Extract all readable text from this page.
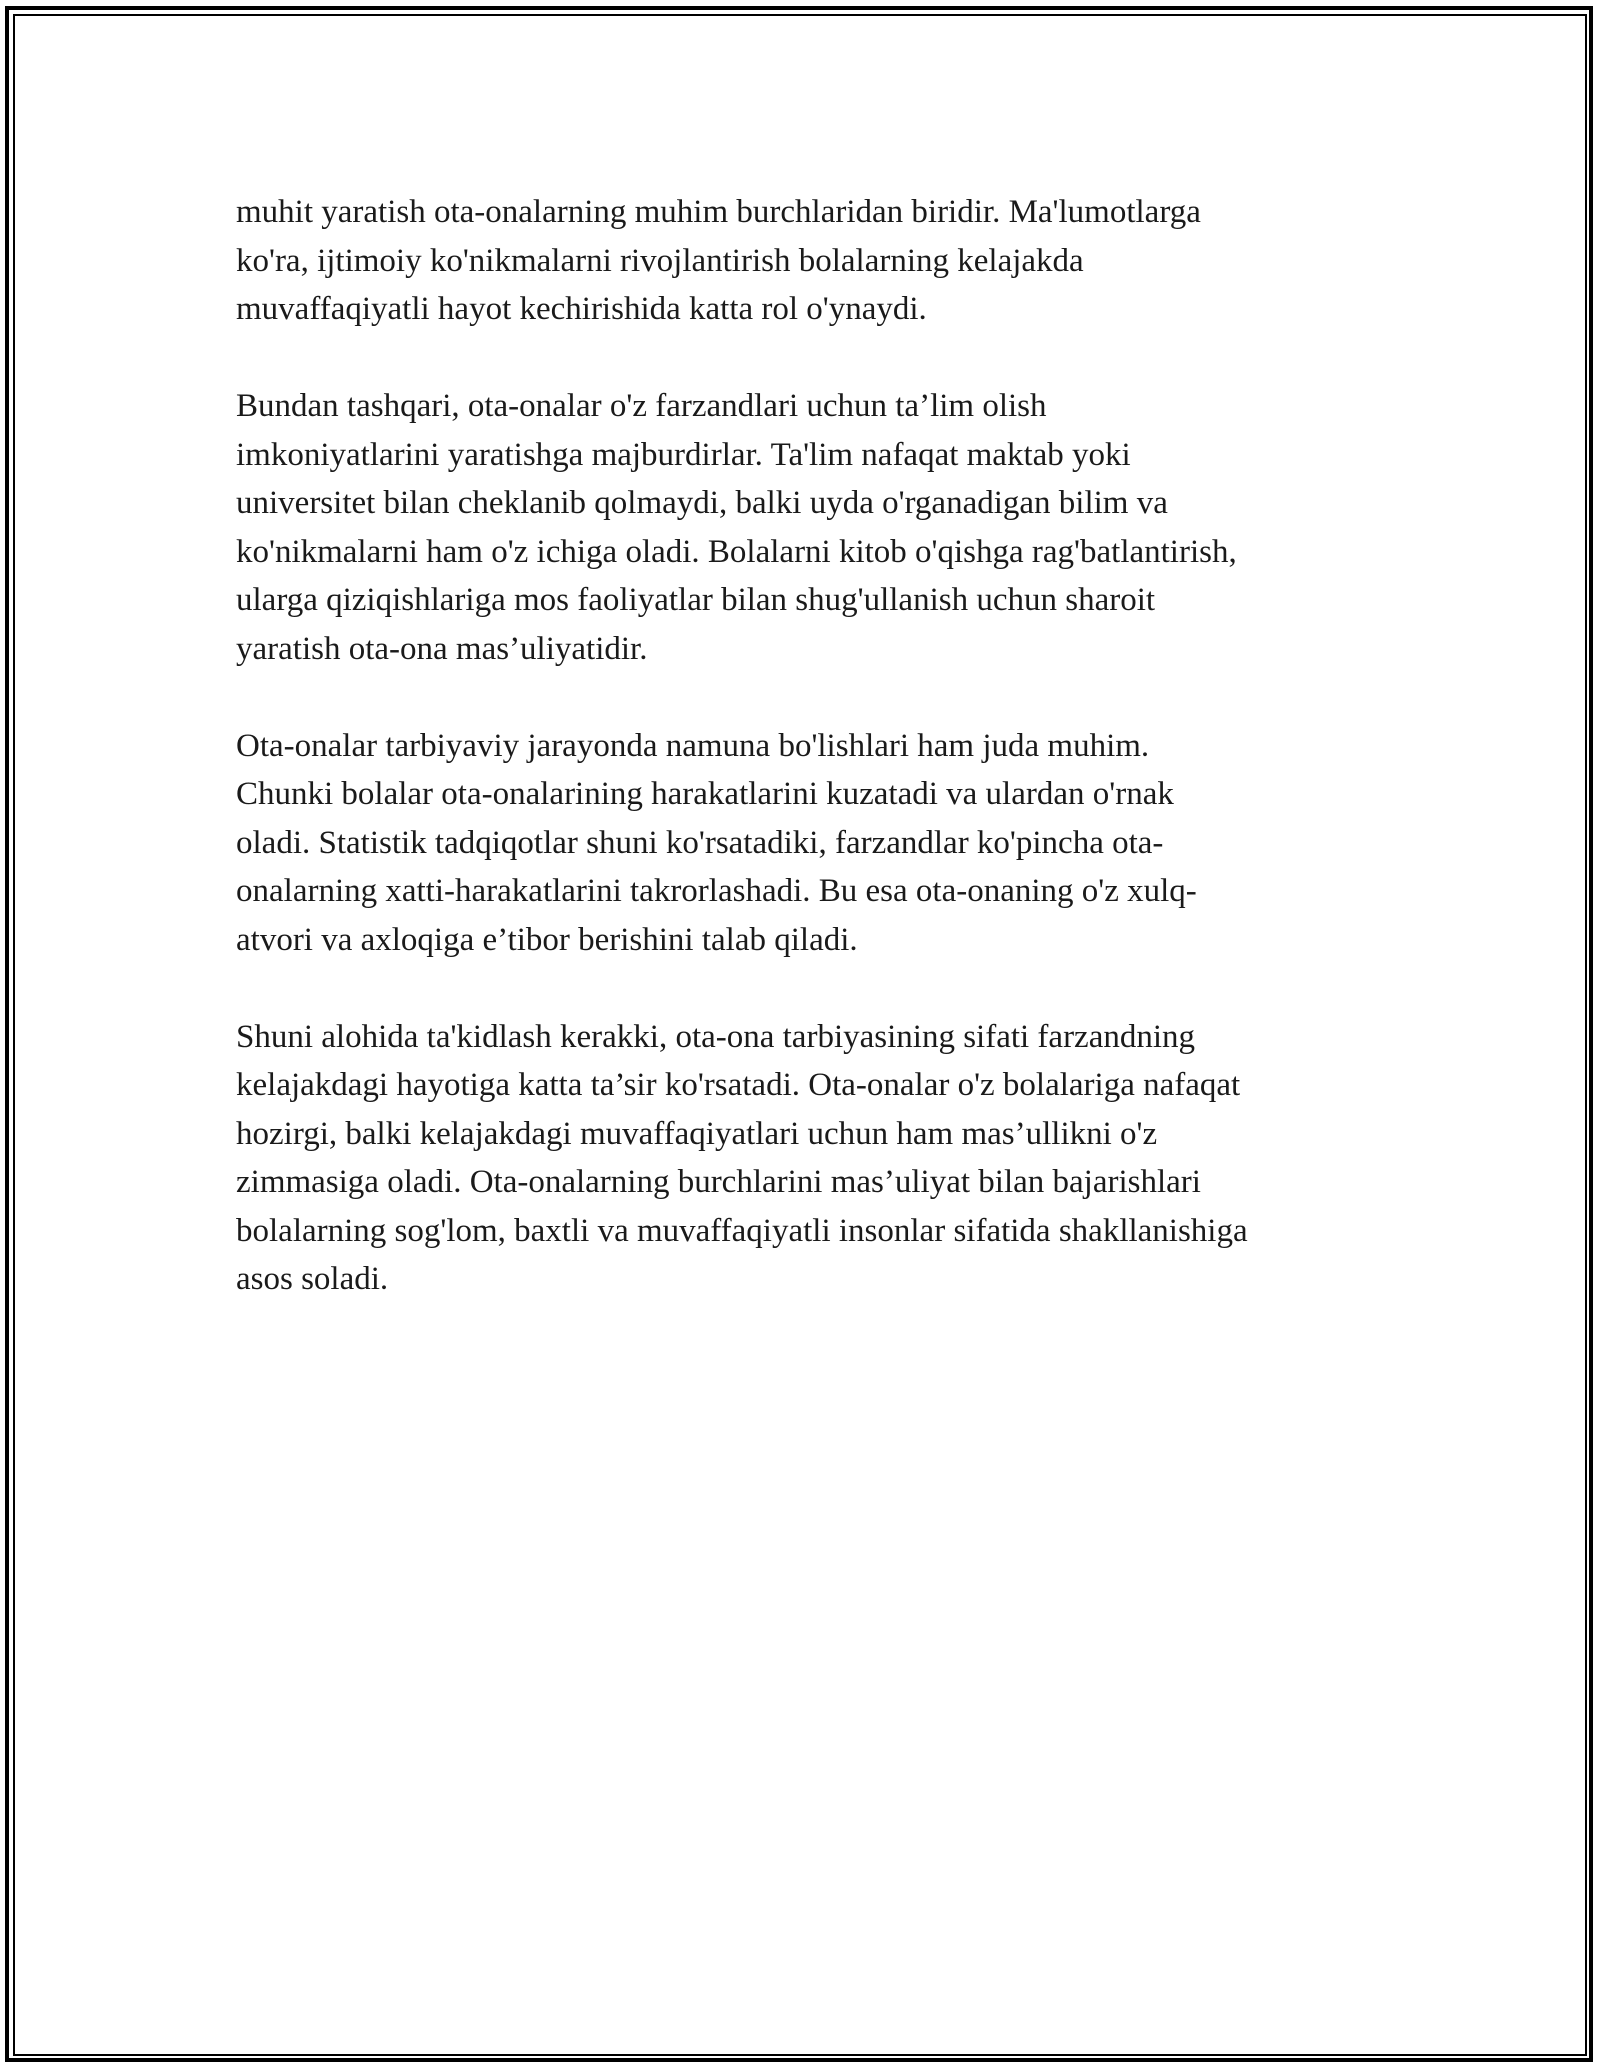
muhit yaratish ota-onalarning muhim burchlaridan biridir. Ma'lumotlarga
ko'ra, ijtimoiy ko'nikmalarni rivojlantirish bolalarning kelajakda
muvaffaqiyatli hayot kechirishida katta rol o'ynaydi.

Bundan tashqari, ota-onalar o'z farzandlari uchun ta’lim olish
imkoniyatlarini yaratishga majburdirlar. Ta'lim nafaqat maktab yoki
universitet bilan cheklanib qolmaydi, balki uyda o'rganadigan bilim va
ko'nikmalarni ham o'z ichiga oladi. Bolalarni kitob o'qishga rag'batlantirish,
ularga qiziqishlariga mos faoliyatlar bilan shug'ullanish uchun sharoit
yaratish ota-ona mas’uliyatidir.

Ota-onalar tarbiyaviy jarayonda namuna bo'lishlari ham juda muhim.
Chunki bolalar ota-onalarining harakatlarini kuzatadi va ulardan o'rnak
oladi. Statistik tadqiqotlar shuni ko'rsatadiki, farzandlar ko'pincha ota-
onalarning xatti-harakatlarini takrorlashadi. Bu esa ota-onaning o'z xulq-
atvori va axloqiga e’tibor berishini talab qiladi.

Shuni alohida ta'kidlash kerakki, ota-ona tarbiyasining sifati farzandning
kelajakdagi hayotiga katta ta’sir ko'rsatadi. Ota-onalar o'z bolalariga nafaqat
hozirgi, balki kelajakdagi muvaffaqiyatlari uchun ham mas’ullikni o'z
zimmasiga oladi. Ota-onalarning burchlarini mas’uliyat bilan bajarishlari
bolalarning sog'lom, baxtli va muvaffaqiyatli insonlar sifatida shakllanishiga
asos soladi.
